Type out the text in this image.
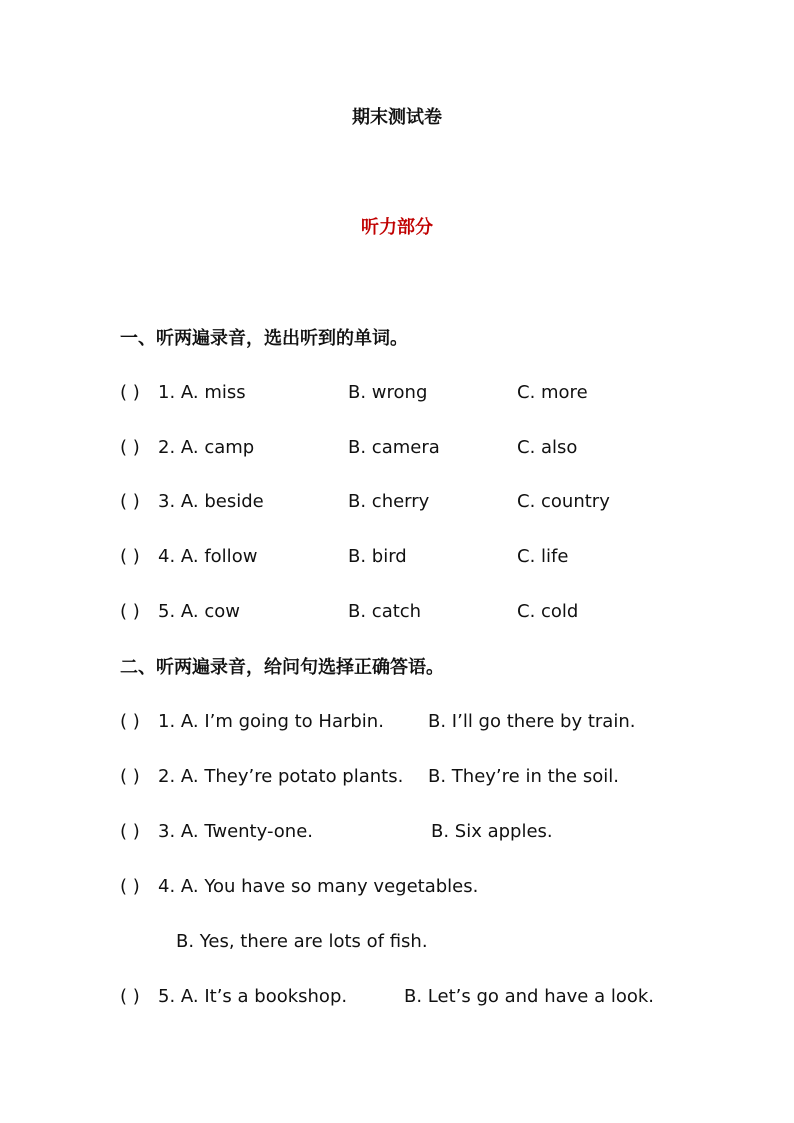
期末测试卷
听力部分
一、听两遍录音，选出听到的单词。
( ) 1. A. miss	B. wrong	C. more
( ) 2. A. camp	B. camera	C. also
( ) 3. A. beside	B. cherry	C. country
( ) 4. A. follow	B. bird	C. life
( ) 5. A. cow	B. catch	C. cold
二、听两遍录音，给问句选择正确答语。
( ) 1. A. I’m going to Harbin. B. I’ll go there by train.
( ) 2. A. They’re potato plants. B. They’re in the soil.
( ) 3. A. Twenty-one.	B. Six apples.
( ) 4. A. You have so many vegetables.
B. Yes, there are lots of fish.
( ) 5. A. It’s a bookshop.	B. Let’s go and have a look.
